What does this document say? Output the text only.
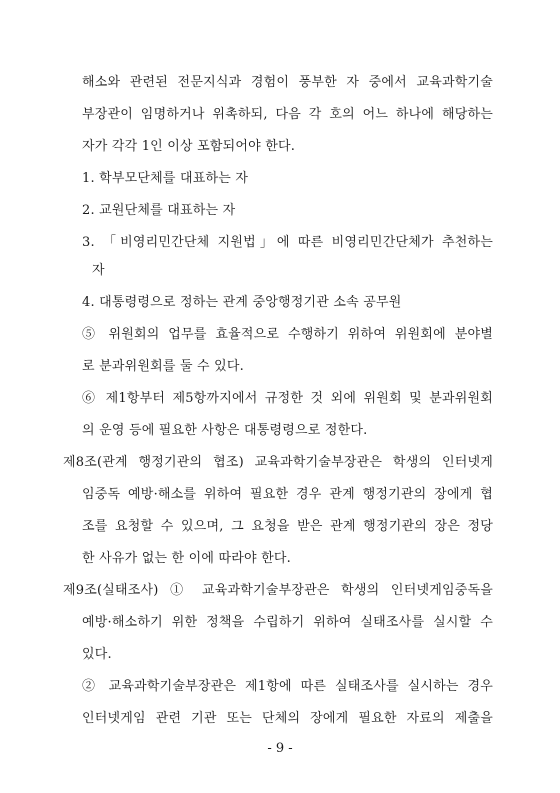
해소와 관련된 전문지식과 경험이 풍부한 자 중에서 교육과학기술
부장관이 임명하거나 위촉하되, 다음 각 호의 어느 하나에 해당하는
자가 각각 1인 이상 포함되어야 한다.
1. 학부모단체를 대표하는 자
2. 교원단체를 대표하는 자
3. 「비영리민간단체 지원법」에 따른 비영리민간단체가 추천하는
자
4. 대통령령으로 정하는 관계 중앙행정기관 소속 공무원
⑤ 위원회의 업무를 효율적으로 수행하기 위하여 위원회에 분야별
로 분과위원회를 둘 수 있다.
⑥ 제1항부터 제5항까지에서 규정한 것 외에 위원회 및 분과위원회
의 운영 등에 필요한 사항은 대통령령으로 정한다.
제8조(관계 행정기관의 협조) 교육과학기술부장관은 학생의 인터넷게
임중독 예방·해소를 위하여 필요한 경우 관계 행정기관의 장에게 협
조를 요청할 수 있으며, 그 요청을 받은 관계 행정기관의 장은 정당
한 사유가 없는 한 이에 따라야 한다.
제9조(실태조사) ① 교육과학기술부장관은 학생의 인터넷게임중독을
예방·해소하기 위한 정책을 수립하기 위하여 실태조사를 실시할 수
있다.
② 교육과학기술부장관은 제1항에 따른 실태조사를 실시하는 경우
인터넷게임 관련 기관 또는 단체의 장에게 필요한 자료의 제출을
- 9 -
